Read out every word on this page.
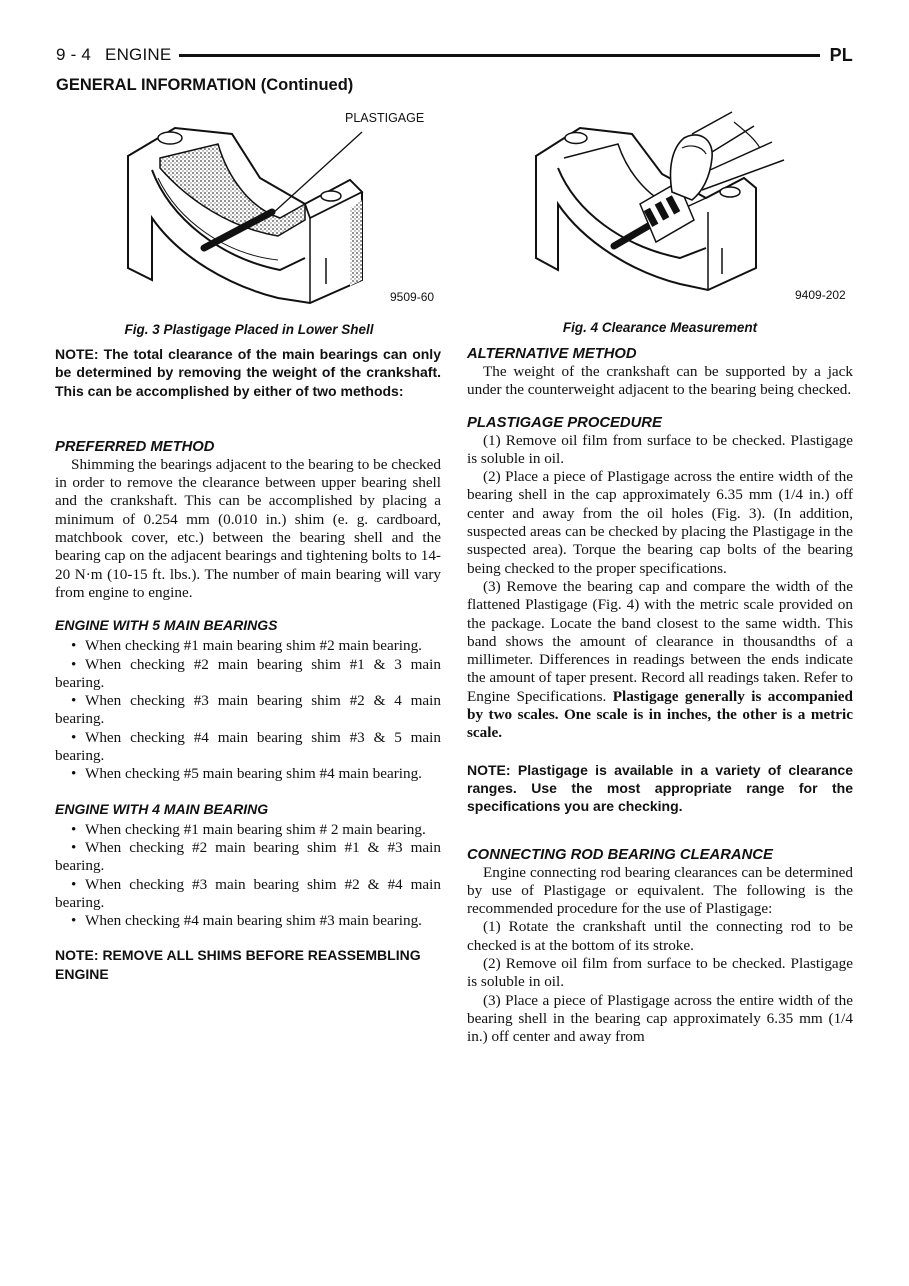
9 - 4 ENGINE	PL
GENERAL INFORMATION (Continued)
PLASTIGAGE
9509-60
Fig. 3 Plastigage Placed in Lower Shell
9409-202
Fig. 4 Clearance Measurement
NOTE: The total clearance of the main bearings can only be determined by removing the weight of the crankshaft. This can be accomplished by either of two methods:
PREFERRED METHOD
Shimming the bearings adjacent to the bearing to be checked in order to remove the clearance between upper bearing shell and the crankshaft. This can be accomplished by placing a minimum of 0.254 mm (0.010 in.) shim (e. g. cardboard, matchbook cover, etc.) between the bearing shell and the bearing cap on the adjacent bearings and tightening bolts to 14-20 N·m (10-15 ft. lbs.). The number of main bearing will vary from engine to engine.
ENGINE WITH 5 MAIN BEARINGS
• When checking #1 main bearing shim #2 main bearing.
• When checking #2 main bearing shim #1 & 3 main bearing.
• When checking #3 main bearing shim #2 & 4 main bearing.
• When checking #4 main bearing shim #3 & 5 main bearing.
• When checking #5 main bearing shim #4 main bearing.
ENGINE WITH 4 MAIN BEARING
• When checking #1 main bearing shim # 2 main bearing.
• When checking #2 main bearing shim #1 & #3 main bearing.
• When checking #3 main bearing shim #2 & #4 main bearing.
• When checking #4 main bearing shim #3 main bearing.
NOTE: REMOVE ALL SHIMS BEFORE REASSEMBLING ENGINE
ALTERNATIVE METHOD
The weight of the crankshaft can be supported by a jack under the counterweight adjacent to the bearing being checked.
PLASTIGAGE PROCEDURE
(1) Remove oil film from surface to be checked. Plastigage is soluble in oil.
(2) Place a piece of Plastigage across the entire width of the bearing shell in the cap approximately 6.35 mm (1/4 in.) off center and away from the oil holes (Fig. 3). (In addition, suspected areas can be checked by placing the Plastigage in the suspected area). Torque the bearing cap bolts of the bearing being checked to the proper specifications.
(3) Remove the bearing cap and compare the width of the flattened Plastigage (Fig. 4) with the metric scale provided on the package. Locate the band closest to the same width. This band shows the amount of clearance in thousandths of a millimeter. Differences in readings between the ends indicate the amount of taper present. Record all readings taken. Refer to Engine Specifications. Plastigage generally is accompanied by two scales. One scale is in inches, the other is a metric scale.
NOTE: Plastigage is available in a variety of clearance ranges. Use the most appropriate range for the specifications you are checking.
CONNECTING ROD BEARING CLEARANCE
Engine connecting rod bearing clearances can be determined by use of Plastigage or equivalent. The following is the recommended procedure for the use of Plastigage:
(1) Rotate the crankshaft until the connecting rod to be checked is at the bottom of its stroke.
(2) Remove oil film from surface to be checked. Plastigage is soluble in oil.
(3) Place a piece of Plastigage across the entire width of the bearing shell in the bearing cap approximately 6.35 mm (1/4 in.) off center and away from
